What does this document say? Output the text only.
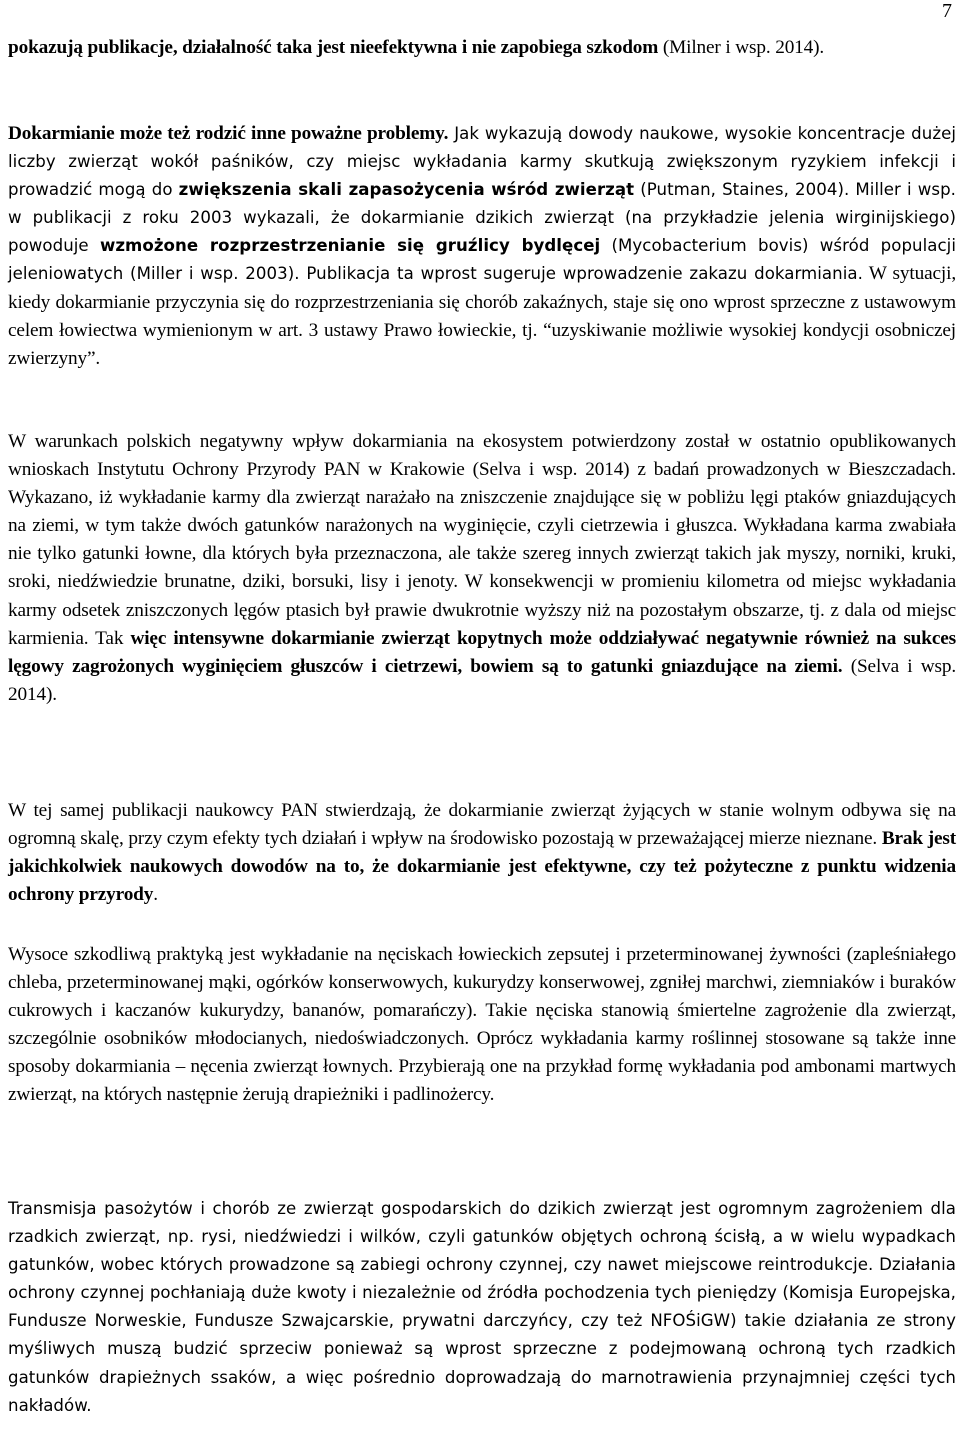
7

pokazują publikacje, działalność taka jest nieefektywna i nie zapobiega szkodom (Milner i wsp. 2014).

Dokarmianie może też rodzić inne poważne problemy. Jak wykazują dowody naukowe, wysokie koncentracje dużej liczby zwierząt wokół paśników, czy miejsc wykładania karmy skutkują zwiększonym ryzykiem infekcji i prowadzić mogą do zwiększenia skali zapasożycenia wśród zwierząt (Putman, Staines, 2004). Miller i wsp. w publikacji z roku 2003 wykazali, że dokarmianie dzikich zwierząt (na przykładzie jelenia wirginijskiego) powoduje wzmożone rozprzestrzenianie się gruźlicy bydlęcej (Mycobacterium bovis) wśród populacji jeleniowatych (Miller i wsp. 2003). Publikacja ta wprost sugeruje wprowadzenie zakazu dokarmiania. W sytuacji, kiedy dokarmianie przyczynia się do rozprzestrzeniania się chorób zakaźnych, staje się ono wprost sprzeczne z ustawowym celem łowiectwa wymienionym w art. 3 ustawy Prawo łowieckie, tj. “uzyskiwanie możliwie wysokiej kondycji osobniczej zwierzyny”.

W warunkach polskich negatywny wpływ dokarmiania na ekosystem potwierdzony został w ostatnio opublikowanych wnioskach Instytutu Ochrony Przyrody PAN w Krakowie (Selva i wsp. 2014) z badań prowadzonych w Bieszczadach. Wykazano, iż wykładanie karmy dla zwierząt narażało na zniszczenie znajdujące się w pobliżu lęgi ptaków gniazdujących na ziemi, w tym także dwóch gatunków narażonych na wyginięcie, czyli cietrzewia i głuszca. Wykładana karma zwabiała nie tylko gatunki łowne, dla których była przeznaczona, ale także szereg innych zwierząt takich jak myszy, norniki, kruki, sroki, niedźwiedzie brunatne, dziki, borsuki, lisy i jenoty. W konsekwencji w promieniu kilometra od miejsc wykładania karmy odsetek zniszczonych lęgów ptasich był prawie dwukrotnie wyższy niż na pozostałym obszarze, tj. z dala od miejsc karmienia. Tak więc intensywne dokarmianie zwierząt kopytnych może oddziaływać negatywnie również na sukces lęgowy zagrożonych wyginięciem głuszców i cietrzewi, bowiem są to gatunki gniazdujące na ziemi. (Selva i wsp. 2014).

W tej samej publikacji naukowcy PAN stwierdzają, że dokarmianie zwierząt żyjących w stanie wolnym odbywa się na ogromną skalę, przy czym efekty tych działań i wpływ na środowisko pozostają w przeważającej mierze nieznane. Brak jest jakichkolwiek naukowych dowodów na to, że dokarmianie jest efektywne, czy też pożyteczne z punktu widzenia ochrony przyrody.

Wysoce szkodliwą praktyką jest wykładanie na nęciskach łowieckich zepsutej i przeterminowanej żywności (zapleśniałego chleba, przeterminowanej mąki, ogórków konserwowych, kukurydzy konserwowej, zgniłej marchwi, ziemniaków i buraków cukrowych i kaczanów kukurydzy, bananów, pomarańczy). Takie nęciska stanowią śmiertelne zagrożenie dla zwierząt, szczególnie osobników młodocianych, niedoświadczonych. Oprócz wykładania karmy roślinnej stosowane są także inne sposoby dokarmiania – nęcenia zwierząt łownych. Przybierają one na przykład formę wykładania pod ambonami martwych zwierząt, na których następnie żerują drapieżniki i padlinożercy.

Transmisja pasożytów i chorób ze zwierząt gospodarskich do dzikich zwierząt jest ogromnym zagrożeniem dla rzadkich zwierząt, np. rysi, niedźwiedzi i wilków, czyli gatunków objętych ochroną ścisłą, a w wielu wypadkach gatunków, wobec których prowadzone są zabiegi ochrony czynnej, czy nawet miejscowe reintrodukcje. Działania ochrony czynnej pochłaniają duże kwoty i niezależnie od źródła pochodzenia tych pieniędzy (Komisja Europejska, Fundusze Norweskie, Fundusze Szwajcarskie, prywatni darczyńcy, czy też NFOŚiGW) takie działania ze strony myśliwych muszą budzić sprzeciw ponieważ są wprost sprzeczne z podejmowaną ochroną tych rzadkich gatunków drapieżnych ssaków, a więc pośrednio doprowadzają do marnotrawienia przynajmniej części tych nakładów.
